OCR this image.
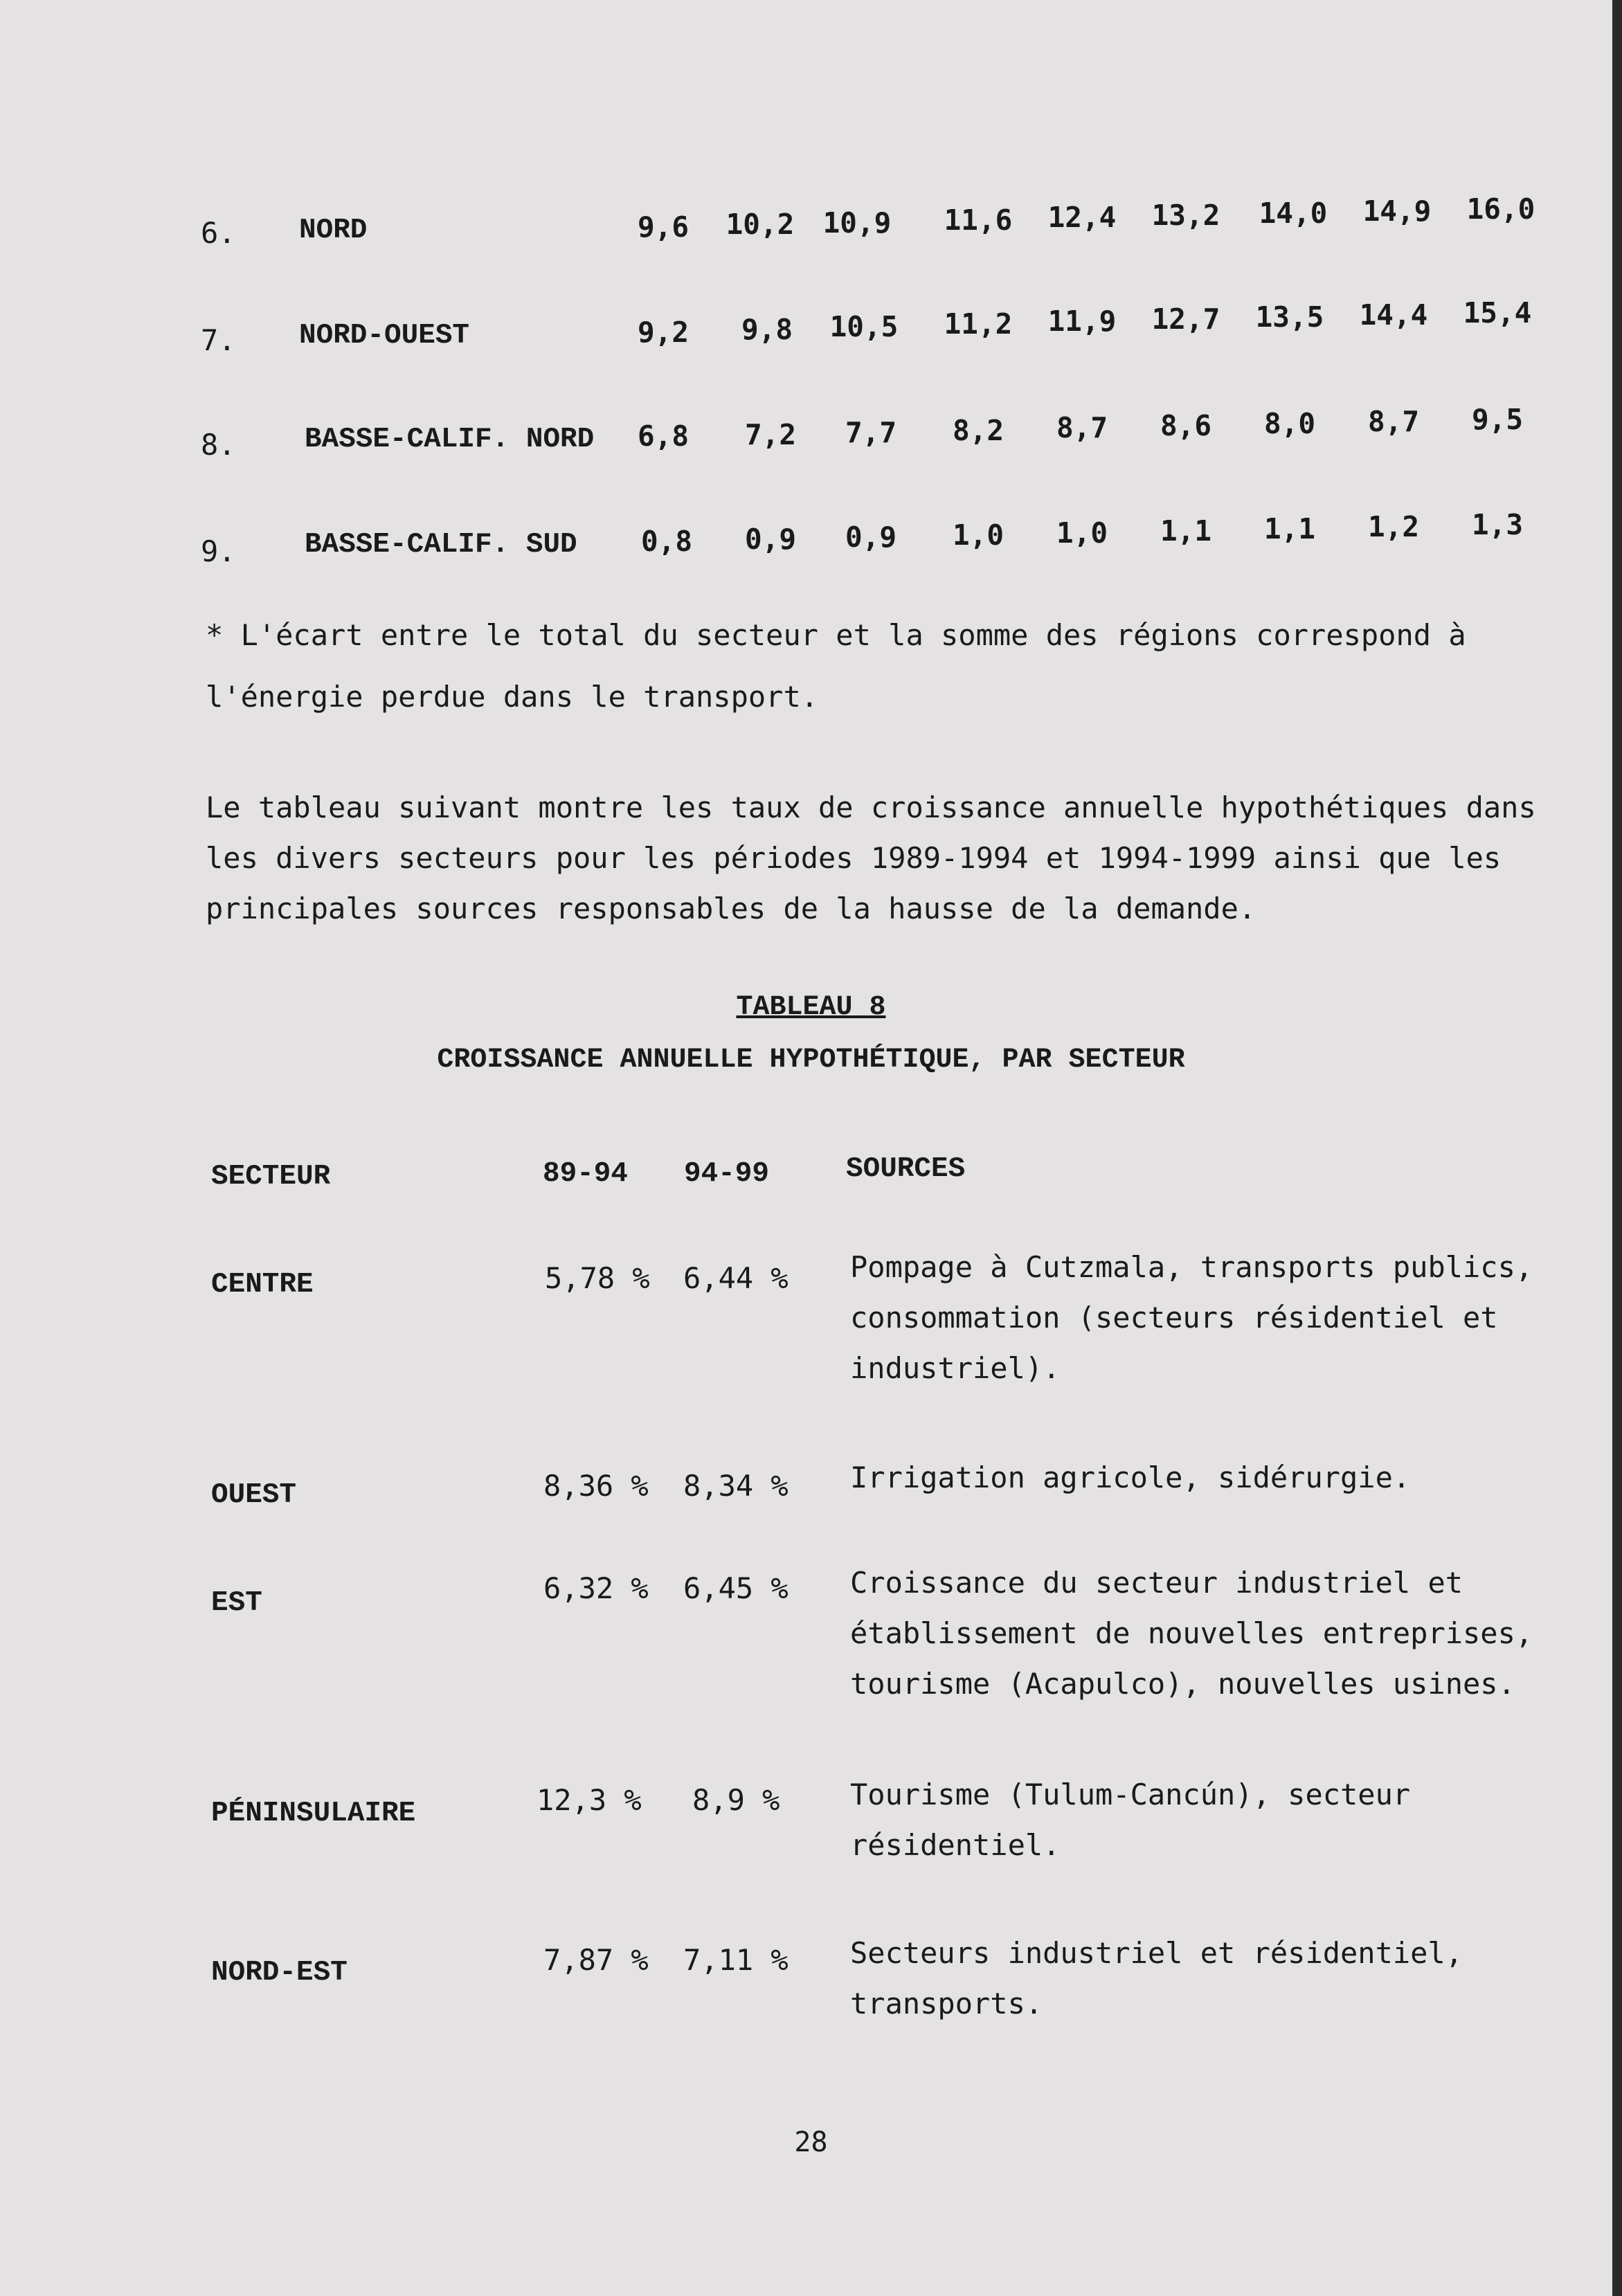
6. NORD	9,6	10,2	10,9	11,6	12,4	13,2	14,0	14,9	16,0
7. NORD-OUEST	9,2	9,8	10,5	11,2	11,9	12,7	13,5	14,4	15,4
8. BASSE-CALIF. NORD	6,8	7,2	7,7	8,2	8,7	8,6	8,0	8,7	9,5
9. BASSE-CALIF. SUD	0,8	0,9	0,9	1,0	1,0	1,1	1,1	1,2	1,3
* L'écart entre le total du secteur et la somme des régions correspond à
l'énergie perdue dans le transport.
Le tableau suivant montre les taux de croissance annuelle hypothétiques dans
les divers secteurs pour les périodes 1989-1994 et 1994-1999 ainsi que les
principales sources responsables de la hausse de la demande.
TABLEAU 8
CROISSANCE ANNUELLE HYPOTHÉTIQUE, PAR SECTEUR
SECTEUR	89-94 94-99	SOURCES
CENTRE	5,78 % 6,44 % Pompage à Cutzmala, transports publics,
consommation (secteurs résidentiel et
industriel).
OUEST	8,36 % 8,34 % Irrigation agricole, sidérurgie.
EST	6,32 % 6,45 % Croissance du secteur industriel et
établissement de nouvelles entreprises,
tourisme (Acapulco), nouvelles usines.
PÉNINSULAIRE	12,3 % 8,9 % Tourisme (Tulum-Cancún), secteur
résidentiel.
NORD-EST	7,87 % 7,11 % Secteurs industriel et résidentiel,
transports.
28
